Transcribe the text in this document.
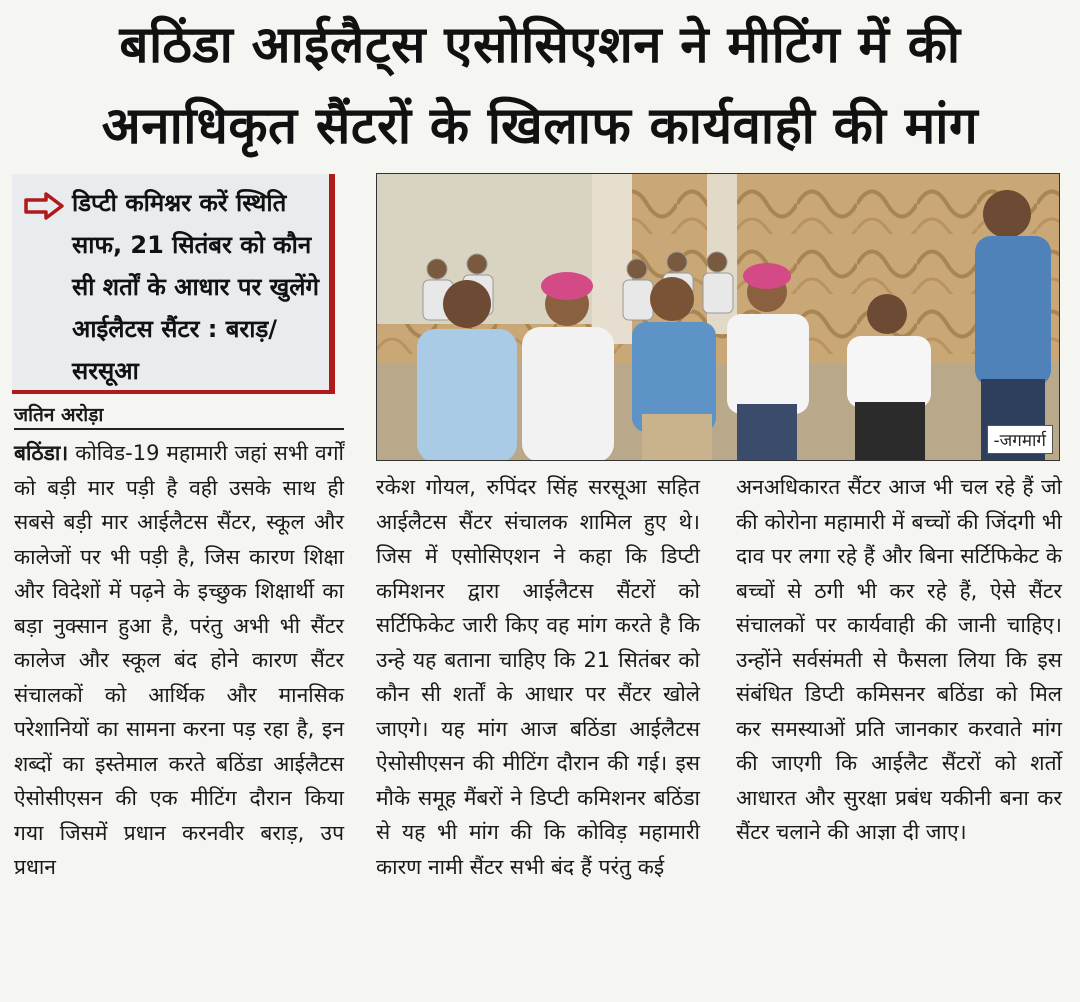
बठिंडा आईलैट्स एसोसिएशन ने मीटिंग में की
अनाधिकृत सैंटरों के खिलाफ कार्यवाही की मांग
डिप्टी कमिश्नर करें स्थिति साफ, 21 सितंबर को कौन सी शर्तों के आधार पर खुलेंगे आईलैटस सैंटर : बराड़/ सरसूआ
जतिन अरोड़ा
-जगमार्ग

बठिंडा। कोविड-19 महामारी जहां सभी वर्गों को बड़ी मार पड़ी है वही उसके साथ ही सबसे बड़ी मार आईलैटस सैंटर, स्कूल और कालेजों पर भी पड़ी है, जिस कारण शिक्षा और विदेशों में पढ़ने के इच्छुक शिक्षार्थी का बड़ा नुक्सान हुआ है, परंतु अभी भी सैंटर कालेज और स्कूल बंद होने कारण सैंटर संचालकों को आर्थिक और मानसिक परेशानियों का सामना करना पड़ रहा है, इन शब्दों का इस्तेमाल करते बठिंडा आईलैटस ऐसोसीएसन की एक मीटिंग दौरान किया गया जिसमें प्रधान करनवीर बराड़, उप प्रधान

रकेश गोयल, रुपिंदर सिंह सरसूआ सहित आईलैटस सैंटर संचालक शामिल हुए थे। जिस में एसोसिएशन ने कहा कि डिप्टी कमिशनर द्वारा आईलैटस सैंटरों को सर्टिफिकेट जारी किए वह मांग करते है कि उन्हे यह बताना चाहिए कि 21 सितंबर को कौन सी शर्तों के आधार पर सैंटर खोले जाएगे। यह मांग आज बठिंडा आईलैटस ऐसोसीएसन की मीटिंग दौरान की गई। इस मौके समूह मैंबरों ने डिप्टी कमिशनर बठिंडा से यह भी मांग की कि कोविड़ महामारी कारण नामी सैंटर सभी बंद हैं परंतु कई

अनअधिकारत सैंटर आज भी चल रहे हैं जो की कोरोना महामारी में बच्चों की जिंदगी भी दाव पर लगा रहे हैं और बिना सर्टिफिकेट के बच्चों से ठगी भी कर रहे हैं, ऐसे सैंटर संचालकों पर कार्यवाही की जानी चाहिए। उन्होंने सर्वसंमती से फैसला लिया कि इस संबंधित डिप्टी कमिसनर बठिंडा को मिल कर समस्याओं प्रति जानकार करवाते मांग की जाएगी कि आईलैट सैंटरों को शर्तो आधारत और सुरक्षा प्रबंध यकीनी बना कर सैंटर चलाने की आज्ञा दी जाए।
